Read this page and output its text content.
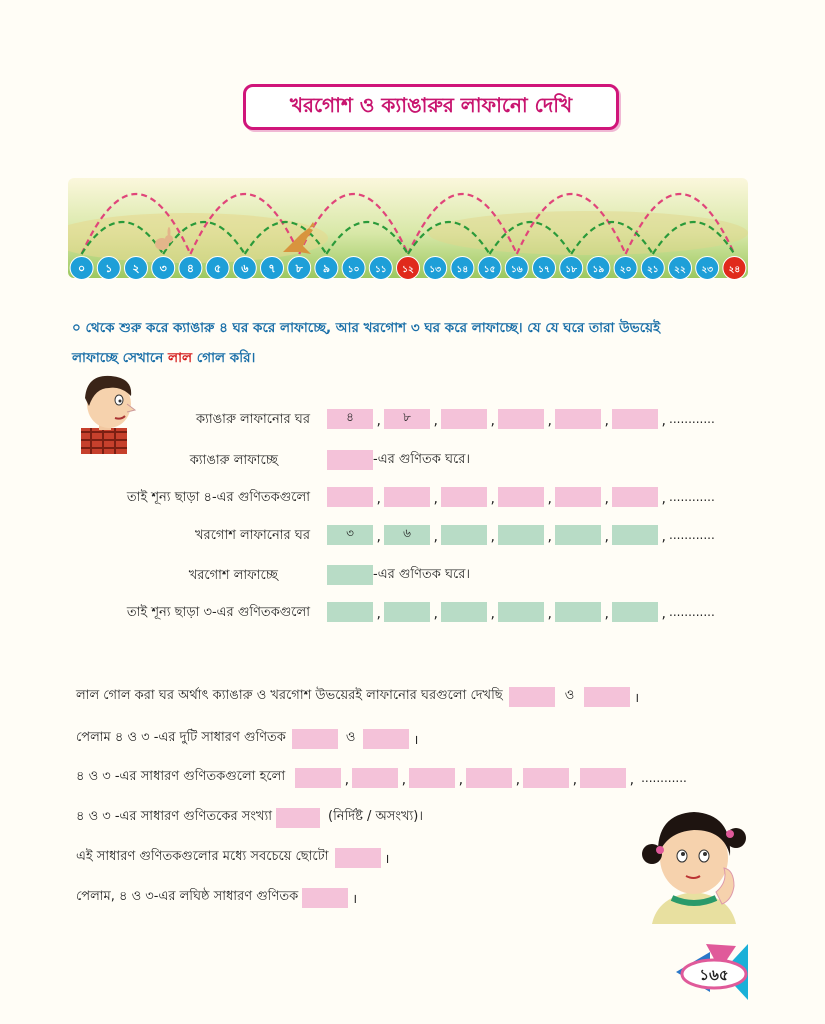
খরগোশ ও ক্যাঙারুর লাফানো দেখি
০ ১ ২ ৩ ৪ ৫ ৬ ৭ ৮ ৯ ১০ ১১ ১২ ১৩ ১৪ ১৫ ১৬ ১৭ ১৮ ১৯ ২০ ২১ ২২ ২৩ ২৪
০ থেকে শুরু করে ক্যাঙারু ৪ ঘর করে লাফাচ্ছে, আর খরগোশ ৩ ঘর করে লাফাচ্ছে। যে যে ঘরে তারা উভয়েই
লাফাচ্ছে সেখানে লাল গোল করি।
ক্যাঙারু লাফানোর ঘর	৪ ,	৮ , , , , ,	............
ক্যাঙারু লাফাচ্ছে	-এর গুণিতক ঘরে।
তাই শূন্য ছাড়া ৪-এর গুণিতকগুলো , , , , , ,	............
খরগোশ লাফানোর ঘর	৩ ,	৬ , , , , ,	............
খরগোশ লাফাচ্ছে	-এর গুণিতক ঘরে।
তাই শূন্য ছাড়া ৩-এর গুণিতকগুলো , , , , , ,	............
লাল গোল করা ঘর অর্থাৎ ক্যাঙারু ও খরগোশ উভয়েরই লাফানোর ঘরগুলো দেখছি	ও	।
পেলাম ৪ ও ৩ -এর দুটি সাধারণ গুণিতক	ও	।
৪ ও ৩ -এর সাধারণ গুণিতকগুলো হলো , , , , , ,	............
৪ ও ৩ -এর সাধারণ গুণিতকের সংখ্যা	(নির্দিষ্ট / অসংখ্য)।
এই সাধারণ গুণিতকগুলোর মধ্যে সবচেয়ে ছোটো	।
পেলাম, ৪ ও ৩-এর লঘিষ্ঠ সাধারণ গুণিতক	।
১৬৫
